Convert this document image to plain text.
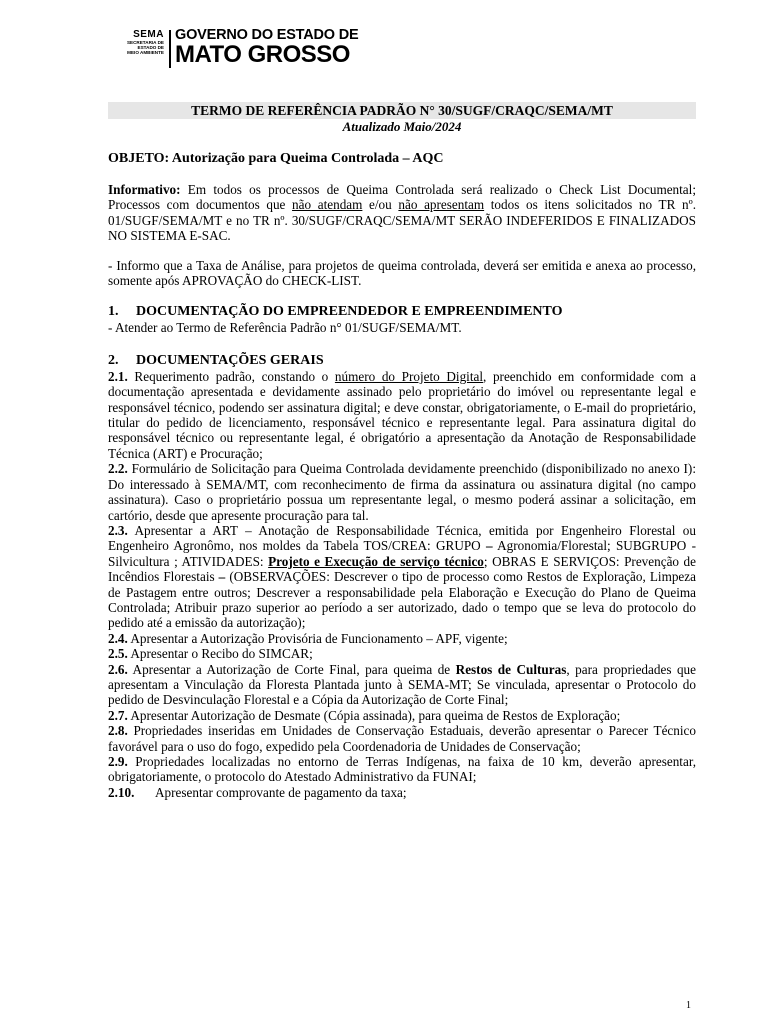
SEMA
SECRETARIA DE
ESTADO DE
MEIO AMBIENTE
GOVERNO DO ESTADO DE
MATO GROSSO
TERMO DE REFERÊNCIA PADRÃO N° 30/SUGF/CRAQC/SEMA/MT
Atualizado Maio/2024
OBJETO: Autorização para Queima Controlada – AQC
Informativo: Em todos os processos de Queima Controlada será realizado o Check List Documental; Processos com documentos que não atendam e/ou não apresentam todos os itens solicitados no TR nº. 01/SUGF/SEMA/MT e no TR nº. 30/SUGF/CRAQC/SEMA/MT SERÃO INDEFERIDOS E FINALIZADOS NO SISTEMA E-SAC.
- Informo que a Taxa de Análise, para projetos de queima controlada, deverá ser emitida e anexa ao processo, somente após APROVAÇÃO do CHECK-LIST.
1. DOCUMENTAÇÃO DO EMPREENDEDOR E EMPREENDIMENTO
- Atender ao Termo de Referência Padrão n° 01/SUGF/SEMA/MT.
2. DOCUMENTAÇÕES GERAIS
2.1. Requerimento padrão, constando o número do Projeto Digital, preenchido em conformidade com a documentação apresentada e devidamente assinado pelo proprietário do imóvel ou representante legal e responsável técnico, podendo ser assinatura digital; e deve constar, obrigatoriamente, o E-mail do proprietário, titular do pedido de licenciamento, responsável técnico e representante legal. Para assinatura digital do responsável técnico ou representante legal, é obrigatório a apresentação da Anotação de Responsabilidade Técnica (ART) e Procuração;
2.2. Formulário de Solicitação para Queima Controlada devidamente preenchido (disponibilizado no anexo I): Do interessado à SEMA/MT, com reconhecimento de firma da assinatura ou assinatura digital (no campo assinatura). Caso o proprietário possua um representante legal, o mesmo poderá assinar a solicitação, em cartório, desde que apresente procuração para tal.
2.3. Apresentar a ART – Anotação de Responsabilidade Técnica, emitida por Engenheiro Florestal ou Engenheiro Agronômo, nos moldes da Tabela TOS/CREA: GRUPO – Agronomia/Florestal; SUBGRUPO - Silvicultura ; ATIVIDADES: Projeto e Execução de serviço técnico; OBRAS E SERVIÇOS: Prevenção de Incêndios Florestais – (OBSERVAÇÕES: Descrever o tipo de processo como Restos de Exploração, Limpeza de Pastagem entre outros; Descrever a responsabilidade pela Elaboração e Execução do Plano de Queima Controlada; Atribuir prazo superior ao período a ser autorizado, dado o tempo que se leva do protocolo do pedido até a emissão da autorização);
2.4. Apresentar a Autorização Provisória de Funcionamento – APF, vigente;
2.5. Apresentar o Recibo do SIMCAR;
2.6. Apresentar a Autorização de Corte Final, para queima de Restos de Culturas, para propriedades que apresentam a Vinculação da Floresta Plantada junto à SEMA-MT; Se vinculada, apresentar o Protocolo do pedido de Desvinculação Florestal e a Cópia da Autorização de Corte Final;
2.7. Apresentar Autorização de Desmate (Cópia assinada), para queima de Restos de Exploração;
2.8. Propriedades inseridas em Unidades de Conservação Estaduais, deverão apresentar o Parecer Técnico favorável para o uso do fogo, expedido pela Coordenadoria de Unidades de Conservação;
2.9. Propriedades localizadas no entorno de Terras Indígenas, na faixa de 10 km, deverão apresentar, obrigatoriamente, o protocolo do Atestado Administrativo da FUNAI;
2.10. Apresentar comprovante de pagamento da taxa;
1
